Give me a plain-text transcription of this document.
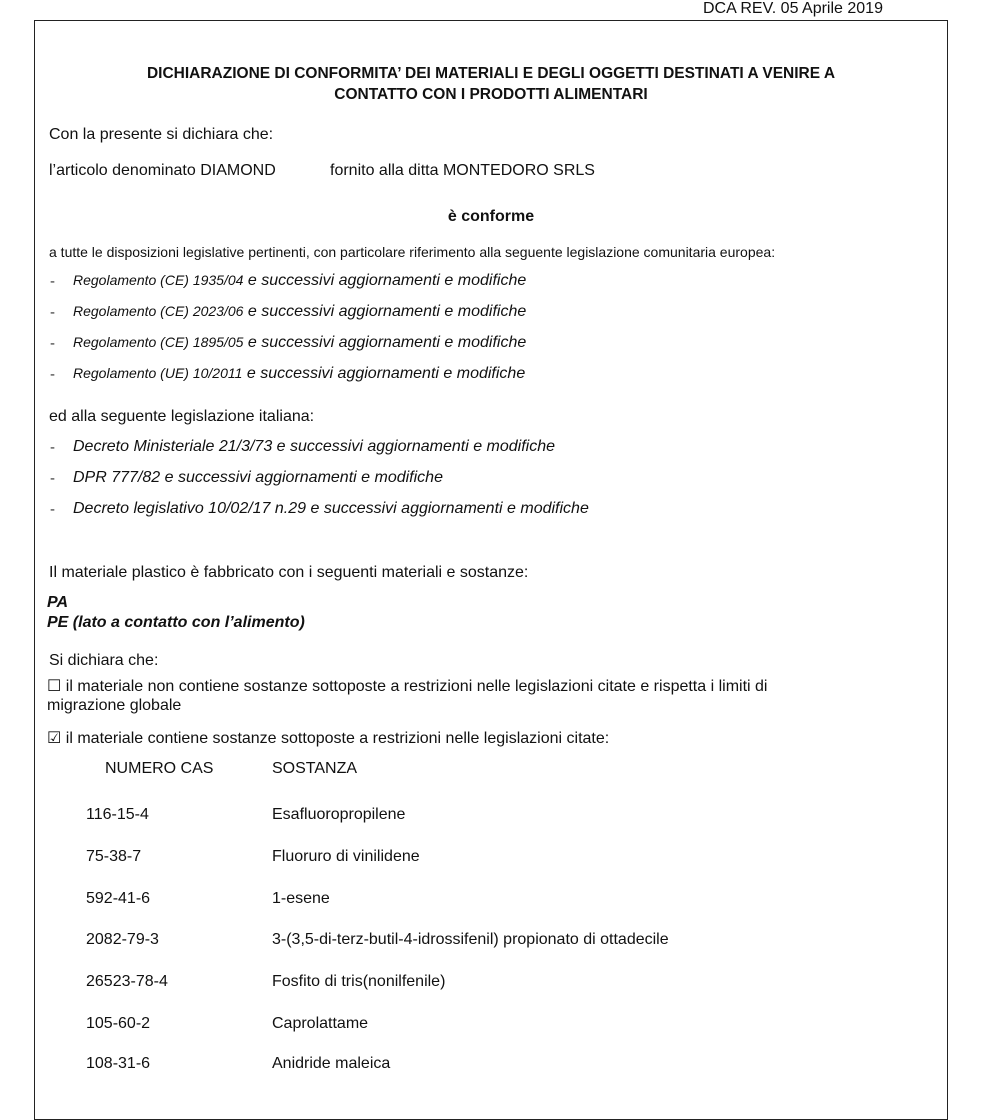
DCA REV. 05 Aprile 2019
DICHIARAZIONE DI CONFORMITA’ DEI MATERIALI E DEGLI OGGETTI DESTINATI A VENIRE A
CONTATTO CON I PRODOTTI ALIMENTARI
Con la presente si dichiara che:
l’articolo denominato DIAMOND	fornito alla ditta MONTEDORO SRLS
è conforme
a tutte le disposizioni legislative pertinenti, con particolare riferimento alla seguente legislazione comunitaria europea:
- Regolamento (CE) 1935/04 e successivi aggiornamenti e modifiche
- Regolamento (CE) 2023/06 e successivi aggiornamenti e modifiche
- Regolamento (CE) 1895/05 e successivi aggiornamenti e modifiche
- Regolamento (UE) 10/2011 e successivi aggiornamenti e modifiche
ed alla seguente legislazione italiana:
- Decreto Ministeriale 21/3/73 e successivi aggiornamenti e modifiche
- DPR 777/82 e successivi aggiornamenti e modifiche
- Decreto legislativo 10/02/17 n.29 e successivi aggiornamenti e modifiche
Il materiale plastico è fabbricato con i seguenti materiali e sostanze:
PA
PE (lato a contatto con l’alimento)
Si dichiara che:
☐ il materiale non contiene sostanze sottoposte a restrizioni nelle legislazioni citate e rispetta i limiti di
migrazione globale
☑ il materiale contiene sostanze sottoposte a restrizioni nelle legislazioni citate:
NUMERO CAS	SOSTANZA
116-15-4	Esafluoropropilene
75-38-7	Fluoruro di vinilidene
592-41-6	1-esene
2082-79-3	3-(3,5-di-terz-butil-4-idrossifenil) propionato di ottadecile
26523-78-4	Fosfito di tris(nonilfenile)
105-60-2	Caprolattame
108-31-6	Anidride maleica
